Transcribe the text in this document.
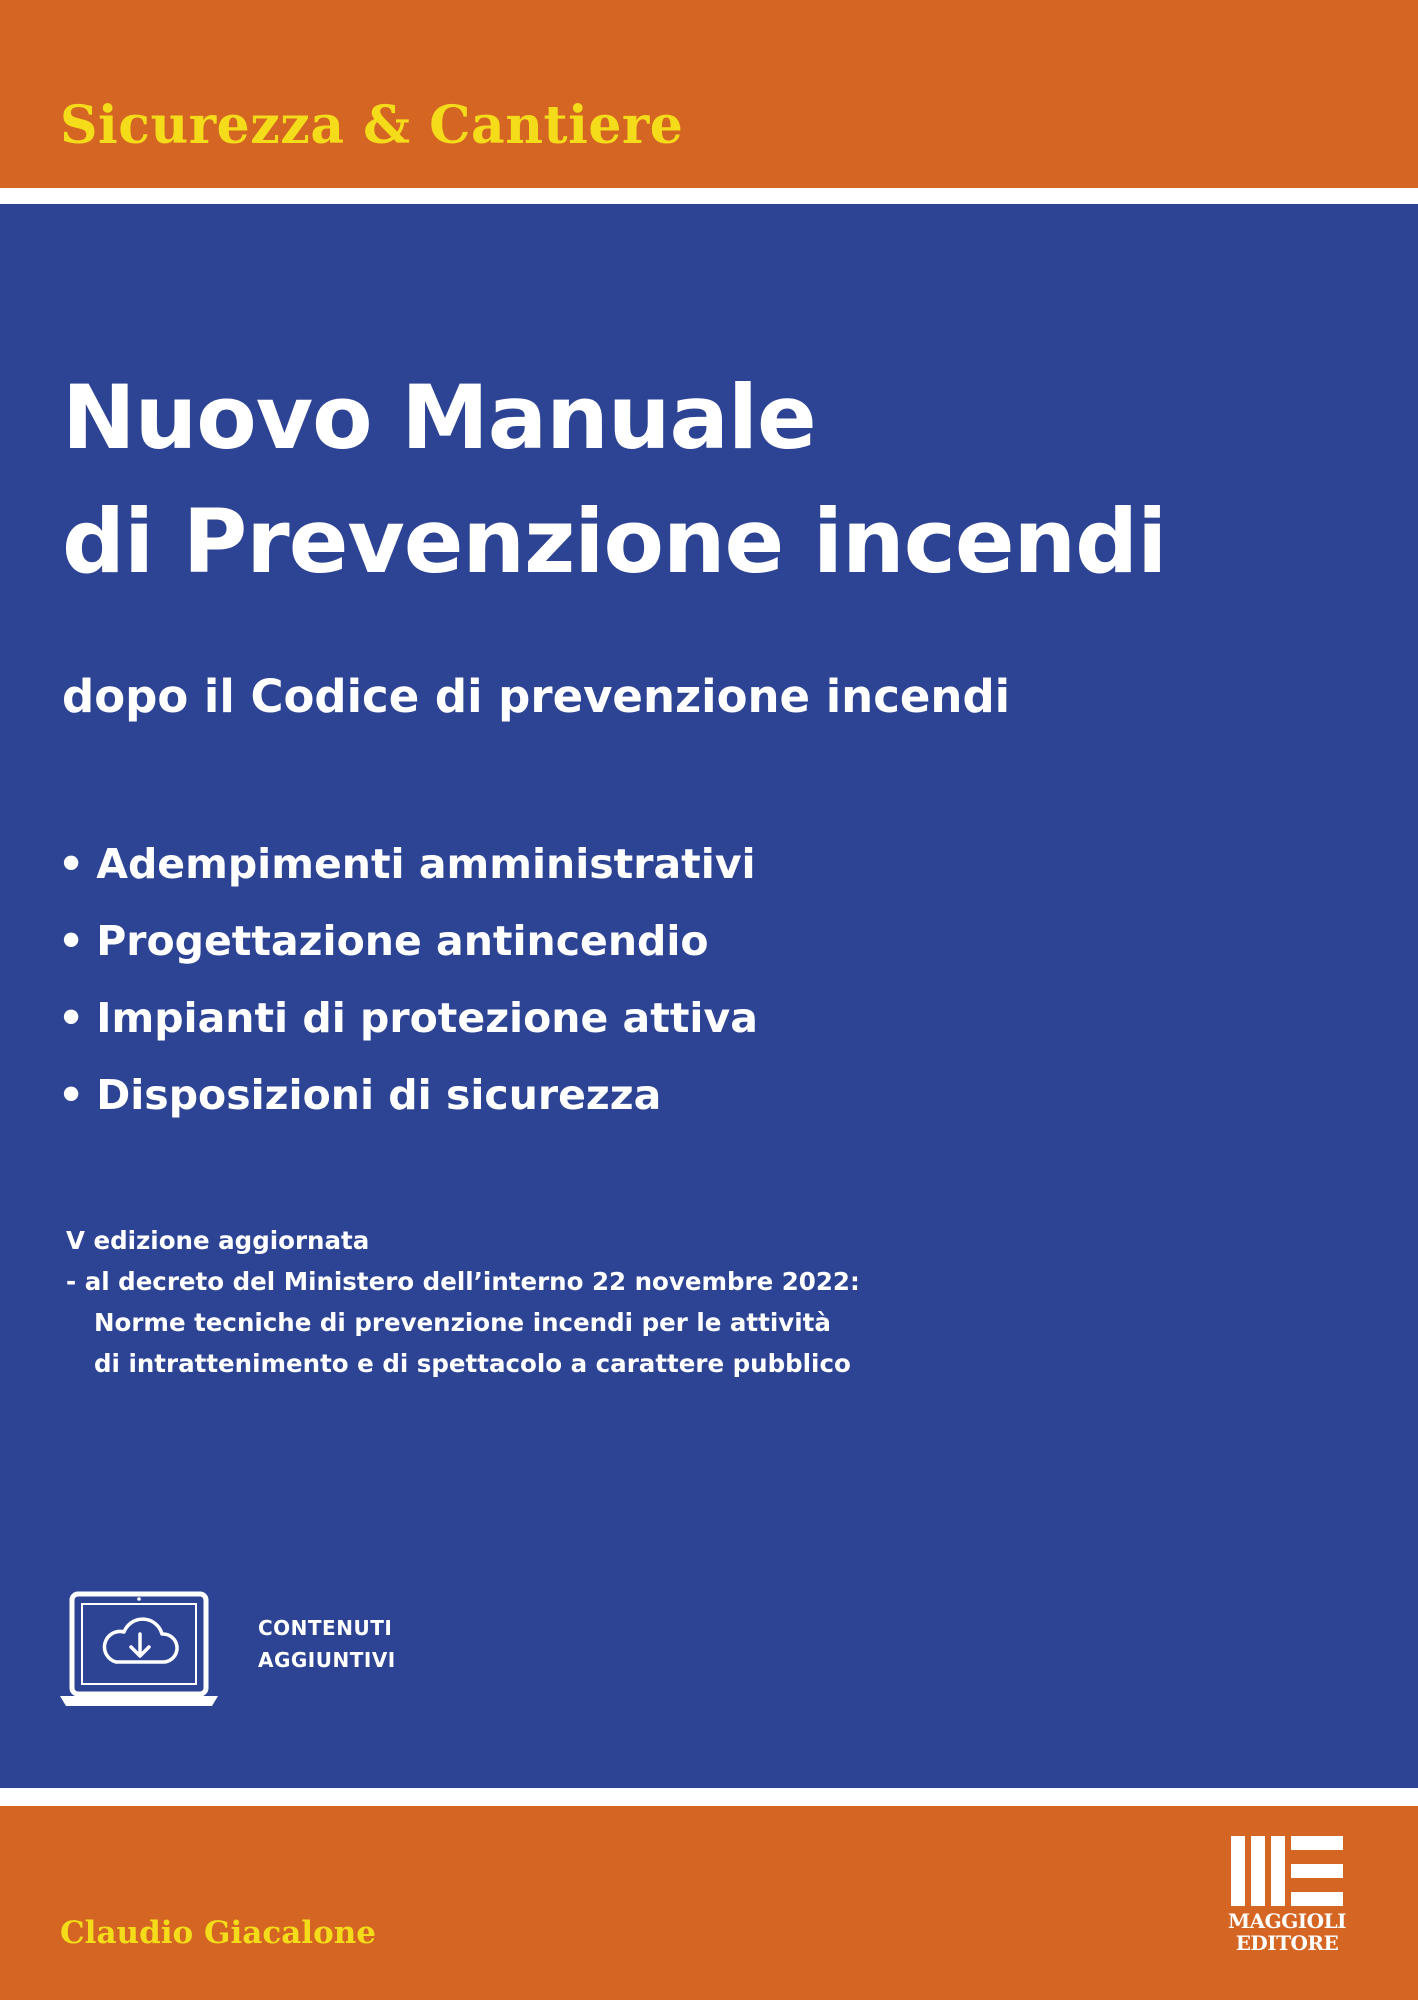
Sicurezza & Cantiere
Nuovo Manuale
di Prevenzione incendi

dopo il Codice di prevenzione incendi

• Adempimenti amministrativi
• Progettazione antincendio
• Impianti di protezione attiva
• Disposizioni di sicurezza
V edizione aggiornata
- al decreto del Ministero dell’interno 22 novembre 2022:
Norme tecniche di prevenzione incendi per le attività
di intrattenimento e di spettacolo a carattere pubblico
CONTENUTI
AGGIUNTIVI
Claudio Giacalone	MAGGIOLI
EDITORE
